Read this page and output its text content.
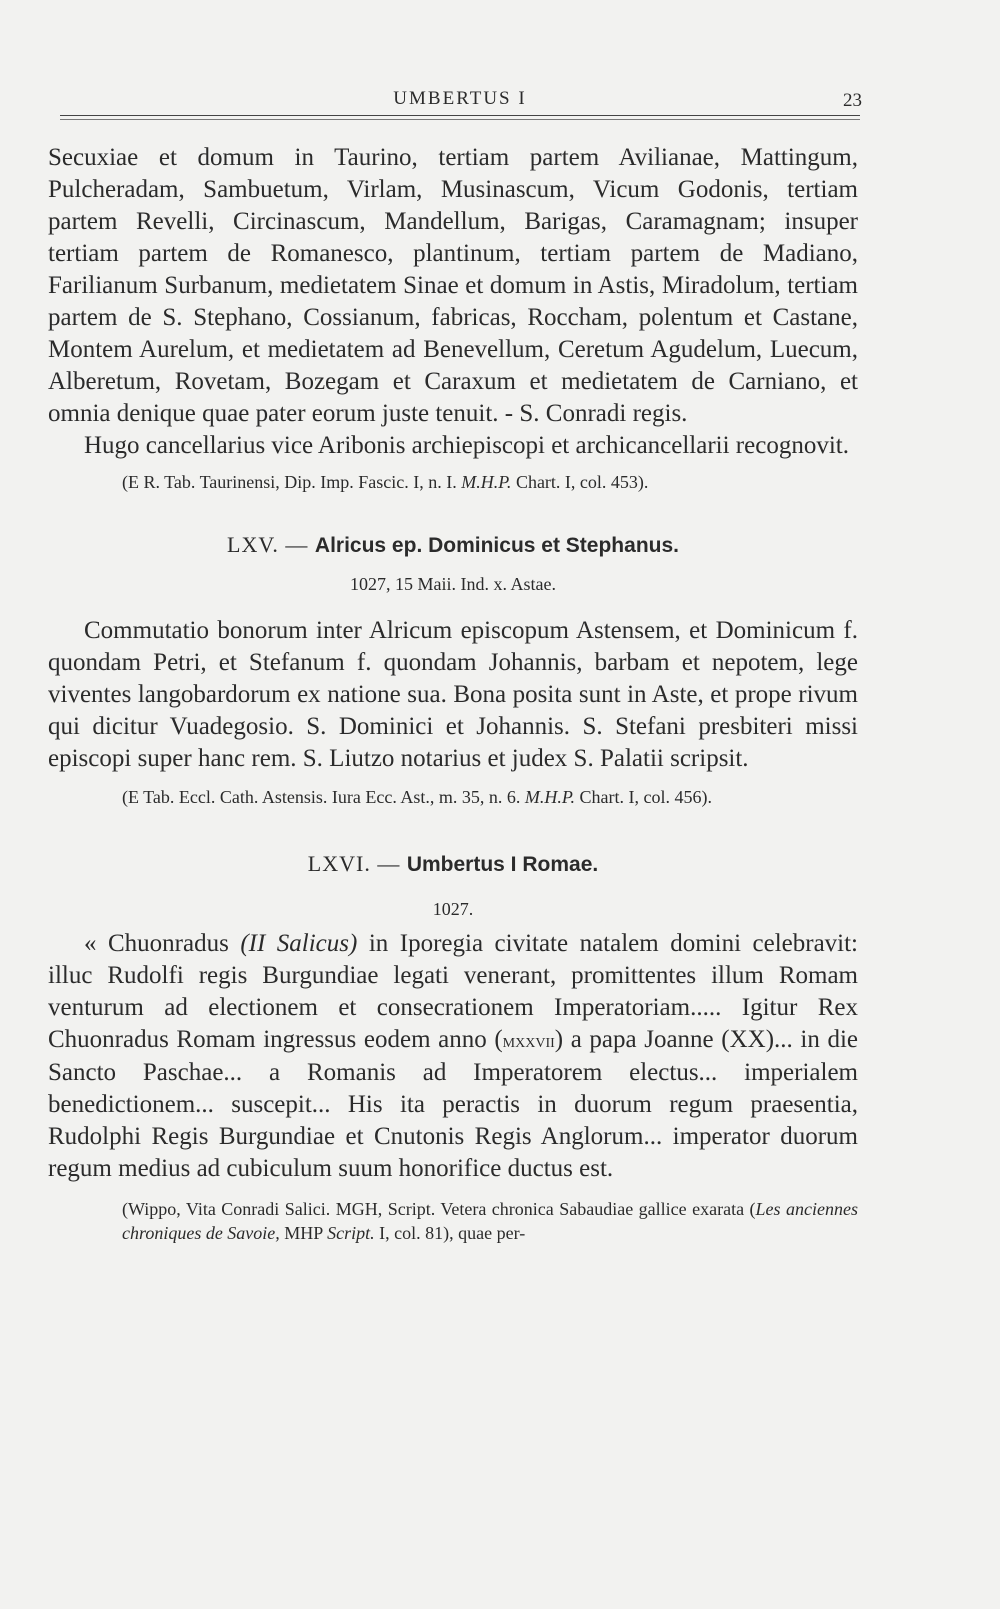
UMBERTUS I	23

Secuxiae et domum in Taurino, tertiam partem Avilianae, Mattingum, Pulcheradam, Sambuetum, Virlam, Musinascum, Vicum Godonis, tertiam partem Revelli, Circinascum, Mandellum, Barigas, Caramagnam; insuper tertiam partem de Romanesco, plantinum, tertiam partem de Madiano, Farilianum Surbanum, medietatem Sinae et domum in Astis, Miradolum, tertiam partem de S. Stephano, Cossianum, fabricas, Roccham, polentum et Castane, Montem Aurelum, et medietatem ad Benevellum, Ceretum Agudelum, Luecum, Alberetum, Rovetam, Bozegam et Caraxum et medietatem de Carniano, et omnia denique quae pater eorum juste tenuit. - S. Conradi regis.

Hugo cancellarius vice Aribonis archiepiscopi et archicancellarii recognovit.

(E R. Tab. Taurinensi, Dip. Imp. Fascic. I, n. I. M.H.P. Chart. I, col. 453).

LXV. — Alricus ep. Dominicus et Stephanus.

1027, 15 Maii. Ind. x. Astae.

Commutatio bonorum inter Alricum episcopum Astensem, et Dominicum f. quondam Petri, et Stefanum f. quondam Johannis, barbam et nepotem, lege viventes langobardorum ex natione sua. Bona posita sunt in Aste, et prope rivum qui dicitur Vuadegosio. S. Dominici et Johannis. S. Stefani presbiteri missi episcopi super hanc rem. S. Liutzo notarius et judex S. Palatii scripsit.

(E Tab. Eccl. Cath. Astensis. Iura Ecc. Ast., m. 35, n. 6. M.H.P. Chart. I, col. 456).

LXVI. — Umbertus I Romae.

1027.

« Chuonradus (II Salicus) in Iporegia civitate natalem domini celebravit: illuc Rudolfi regis Burgundiae legati venerant, promittentes illum Romam venturum ad electionem et consecrationem Imperatoriam..... Igitur Rex Chuonradus Romam ingressus eodem anno (mxxvii) a papa Joanne (XX)... in die Sancto Paschae... a Romanis ad Imperatorem electus... imperialem benedictionem... suscepit... His ita peractis in duorum regum praesentia, Rudolphi Regis Burgundiae et Cnutonis Regis Anglorum... imperator duorum regum medius ad cubiculum suum honorifice ductus est.

(Wippo, Vita Conradi Salici. MGH, Script. Vetera chronica Sabaudiae gallice exarata (Les anciennes chroniques de Savoie, MHP Script. I, col. 81), quae per-
